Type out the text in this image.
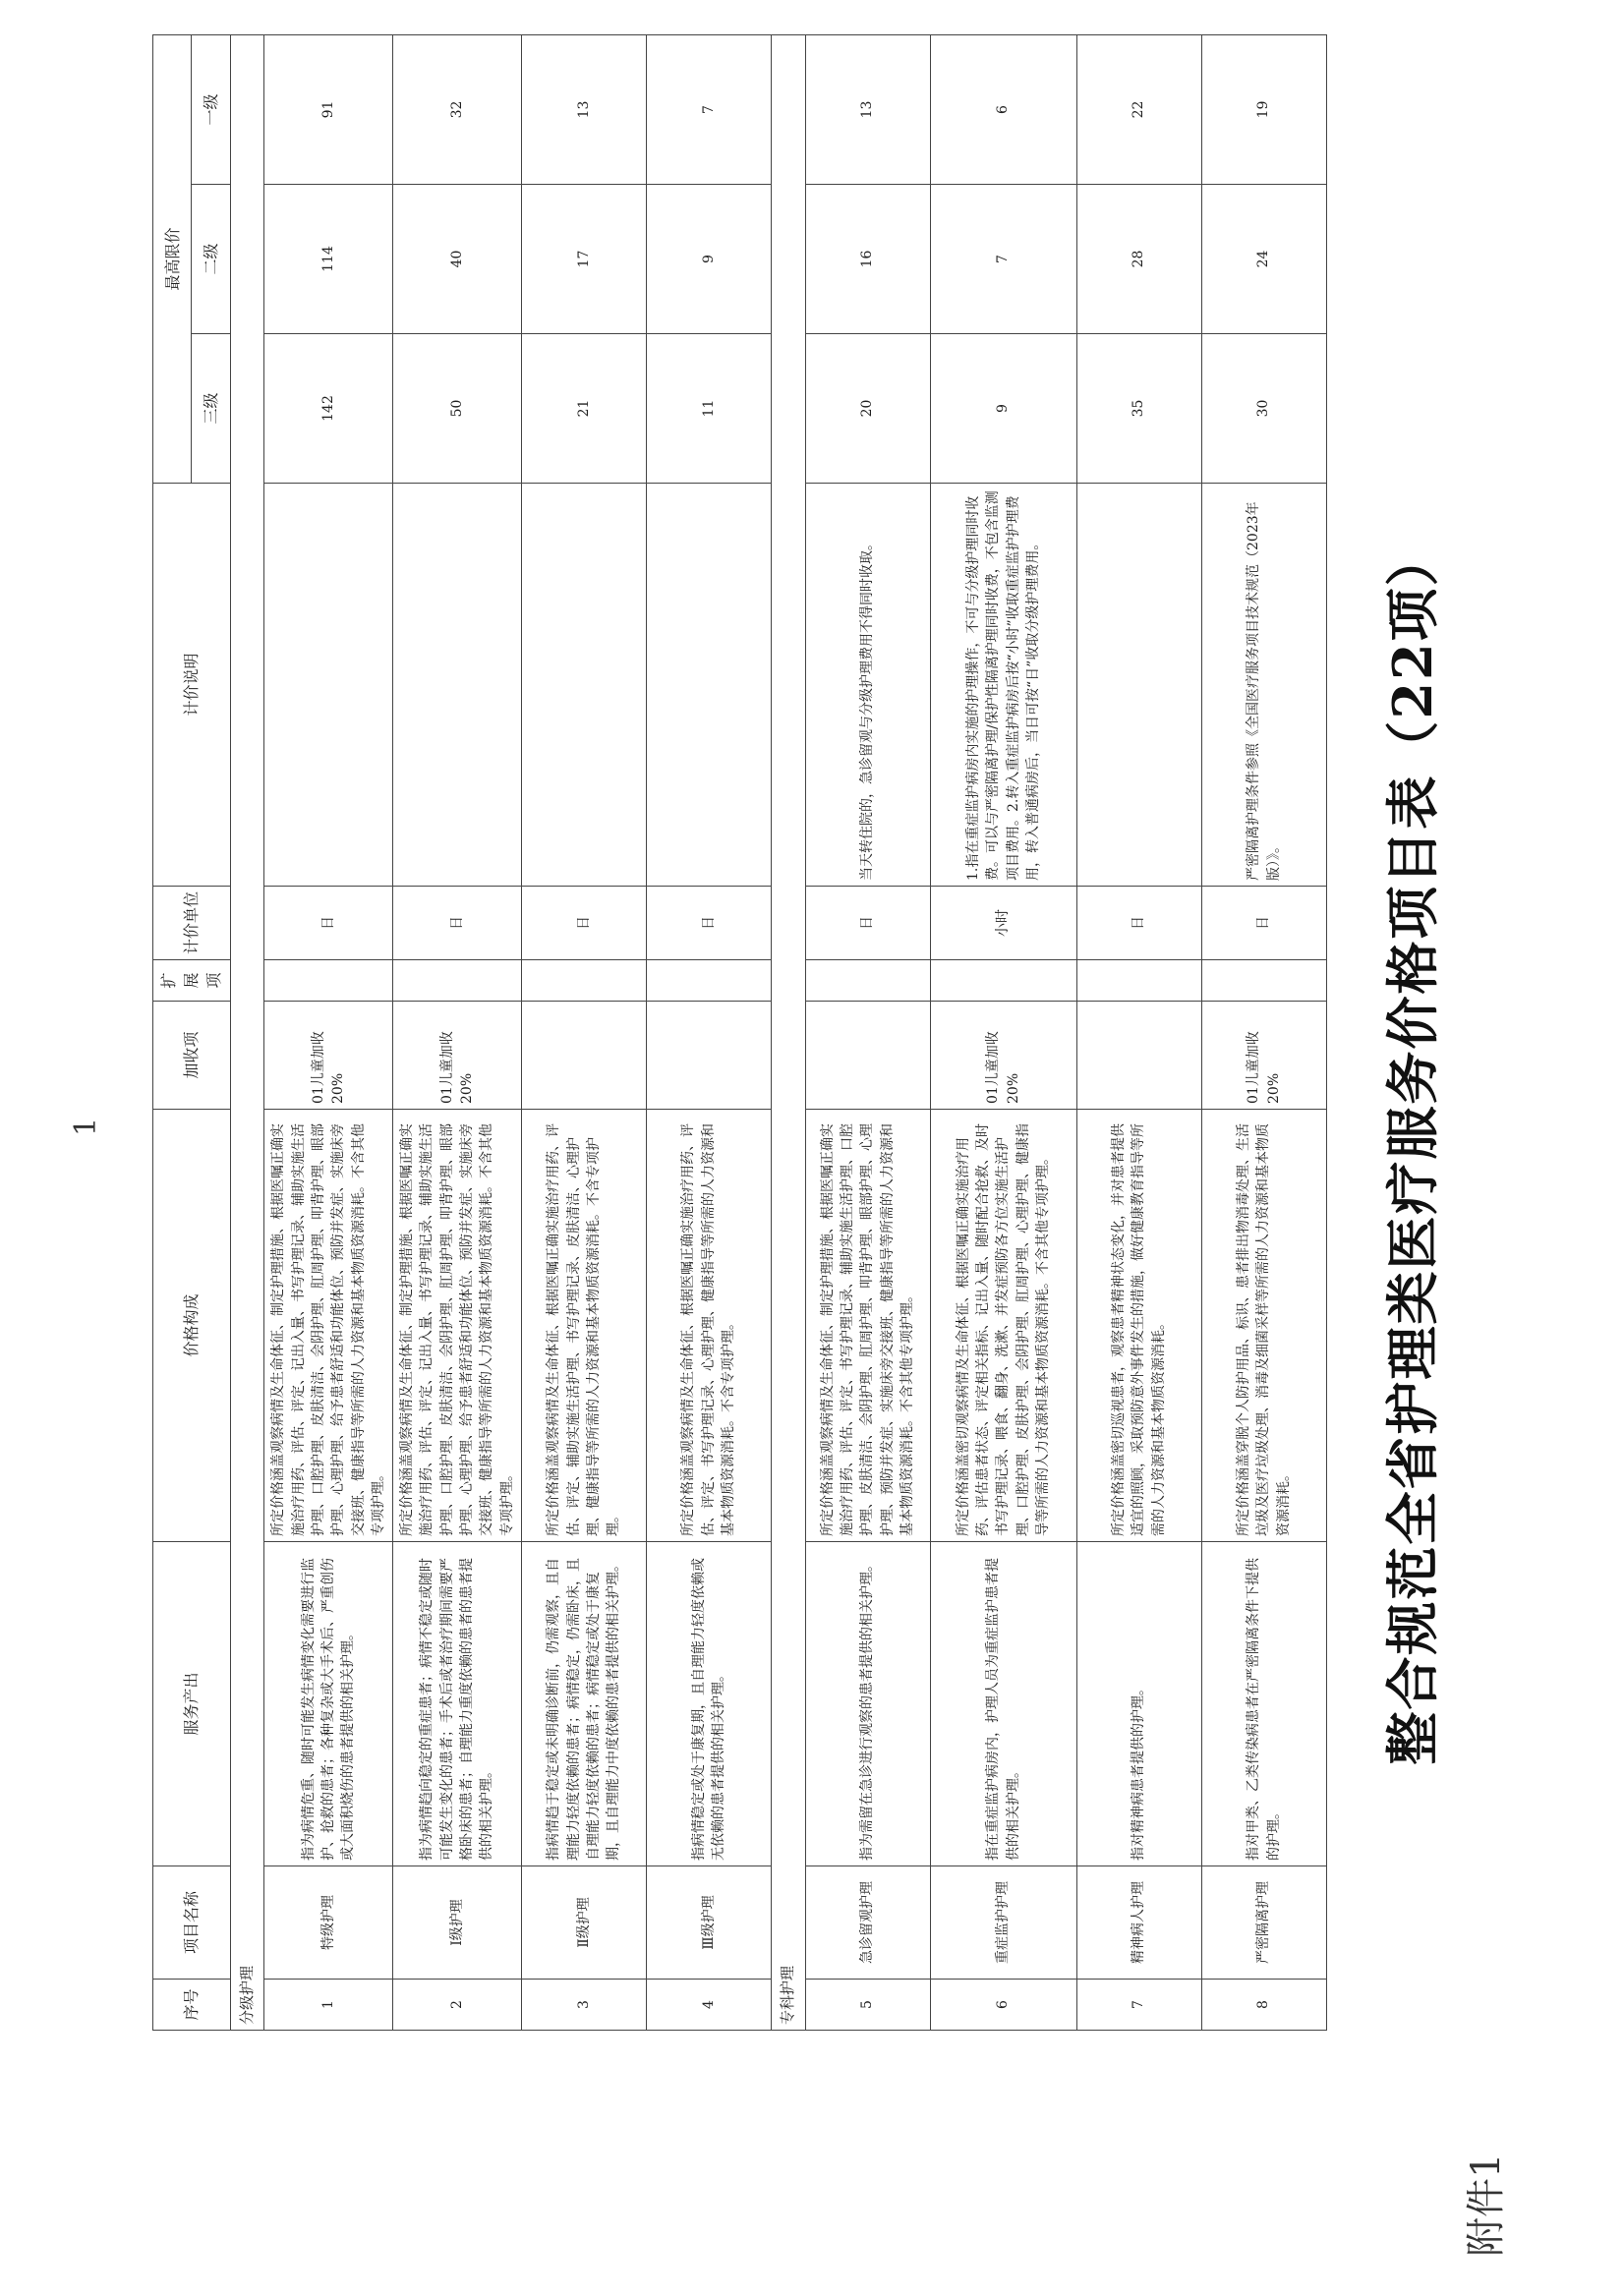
附件1
整合规范全省护理类医疗服务价格项目表（22项）
序号	项目名称	服务产出	价格构成	加收项	扩展项	计价单位	计价说明	最高限价		
								三级	二级	一级
分级护理										
1	特级护理	指为病情危重、随时可能发生病情变化需要进行监护、抢救的患者；各种复杂或大手术后、严重创伤或大面积烧伤的患者提供的相关护理。	所定价格涵盖观察病情及生命体征、制定护理措施、根据医嘱正确实施治疗用药、评估、评定、记出入量、书写护理记录、辅助实施生活护理、口腔护理、皮肤清洁、会阴护理、肛周护理、叩背护理、眼部护理、心理护理、给予患者舒适和功能体位、预防并发症、实施床旁交接班、健康指导等所需的人力资源和基本物质资源消耗。不含其他专项护理。	01儿童加收20%		日		142	114	91
2	Ⅰ级护理	指为病情趋向稳定的重症患者；病情不稳定或随时可能发生变化的患者；手术后或者治疗期间需要严格卧床的患者；自理能力重度依赖的患者的患者提供的相关护理。	所定价格涵盖观察病情及生命体征、制定护理措施、根据医嘱正确实施治疗用药、评估、评定、记出入量、书写护理记录、辅助实施生活护理、口腔护理、皮肤清洁、会阴护理、肛周护理、叩背护理、眼部护理、心理护理、给予患者舒适和功能体位、预防并发症、实施床旁交接班、健康指导等所需的人力资源和基本物质资源消耗。不含其他专项护理。	01儿童加收20%		日		50	40	32
3	Ⅱ级护理	指病情趋于稳定或未明确诊断前，仍需观察，且自理能力轻度依赖的患者；病情稳定，仍需卧床，且自理能力轻度依赖的患者；病情稳定或处于康复期，且自理能力中度依赖的患者提供的相关护理。	所定价格涵盖观察病情及生命体征、根据医嘱正确实施治疗用药、评估、评定、辅助实施生活护理、书写护理记录、皮肤清洁、心理护理、健康指导等所需的人力资源和基本物质资源消耗。不含专项护理。			日		21	17	13
4	Ⅲ级护理	指病情稳定或处于康复期，且自理能力轻度依赖或无依赖的患者提供的相关护理。	所定价格涵盖观察病情及生命体征、根据医嘱正确实施治疗用药、评估、评定、书写护理记录、心理护理、健康指导等所需的人力资源和基本物质资源消耗。不含专项护理。			日		11	9	7
专科护理										
5	急诊留观护理	指为需留在急诊进行观察的患者提供的相关护理。	所定价格涵盖观察病情及生命体征、制定护理措施、根据医嘱正确实施治疗用药、评估、评定、书写护理记录、辅助实施生活护理、口腔护理、皮肤清洁、会阴护理、肛周护理、叩背护理、眼部护理、心理护理、预防并发症、实施床旁交接班、健康指导等所需的人力资源和基本物质资源消耗。不含其他专项护理。			日	当天转住院的，急诊留观与分级护理费用不得同时收取。	20	16	13
6	重症监护护理	指在重症监护病房内，护理人员为重症监护患者提供的相关护理。	所定价格涵盖密切观察病情及生命体征、根据医嘱正确实施治疗用药、评估患者状态、评定相关指标、记出入量、随时配合抢救、及时书写护理记录、喂食、翻身、洗漱、并发症预防各方位实施生活护理、口腔护理、皮肤护理、会阴护理、肛周护理、心理护理、健康指导等所需的人力资源和基本物质资源消耗。不含其他专项护理。	01儿童加收20%		小时	1.指在重症监护病房内实施的护理操作，不可与分级护理同时收费。可以与严密隔离护理/保护性隔离护理同时收费，不包含监测项目费用。2.转入重症监护病房后按“小时”收取重症监护护理费用，转入普通病房后，当日可按“日”收取分级护理费用。	9	7	6
7	精神病人护理	指对精神病患者提供的护理。	所定价格涵盖密切巡视患者，观察患者精神状态变化，并对患者提供适宜的照顾，采取预防意外事件发生的措施，做好健康教育指导等所需的人力资源和基本物质资源消耗。			日		35	28	22
8	严密隔离护理	指对甲类、乙类传染病患者在严密隔离条件下提供的护理。	所定价格涵盖穿脱个人防护用品、标识、患者排出物消毒处理、生活垃圾及医疗垃圾处理、消毒及细菌采样等所需的人力资源和基本物质资源消耗。	01儿童加收20%		日	严密隔离护理条件参照《全国医疗服务项目技术规范（2023年版）》。	30	24	19
1
